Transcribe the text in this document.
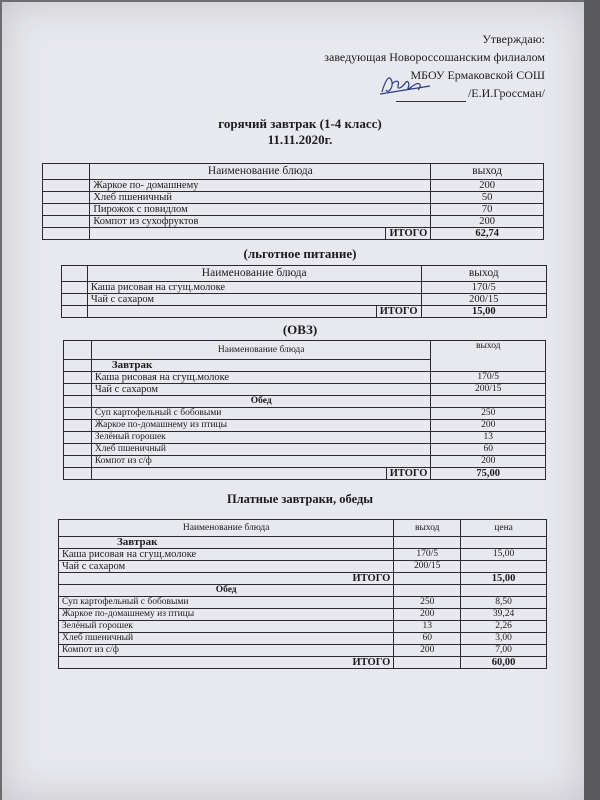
Утверждаю:
заведующая Новороссошанским филиалом
МБОУ Ермаковской СОШ
/Е.И.Гроссман/
горячий завтрак (1-4 класс)
11.11.2020г.
	Наименование блюда		выход
	Жаркое по- домашнему		200
	Хлеб пшеничный		50
	Пирожок с повидлом		70
	Компот из сухофруктов		200
		ИТОГО	62,74
(льготное питание)
	Наименование блюда		выход
	Каша рисовая на сгущ.молоке		170/5
	Чай с сахаром		200/15
		ИТОГО	15,00
(ОВЗ)
	Наименование блюда		выход
	Завтрак		
	Каша рисовая на сгущ.молоке		170/5
	Чай с сахаром		200/15
	Обед		
	Суп картофельный с бобовыми		250
	Жаркое по-домашнему из птицы		200
	Зелёный горошек		13
	Хлеб пшеничный		60
	Компот из с/ф		200
		ИТОГО	75,00
Платные завтраки, обеды
Наименование блюда	выход	цена
Завтрак		
Каша рисовая на сгущ.молоке	170/5	15,00
Чай с сахаром	200/15	
ИТОГО		15,00
Обед		
Суп картофельный с бобовыми	250	8,50
Жаркое по-домашнему из птицы	200	39,24
Зелёный горошек	13	2,26
Хлеб пшеничный	60	3,00
Компот из с/ф	200	7,00
ИТОГО		60,00
